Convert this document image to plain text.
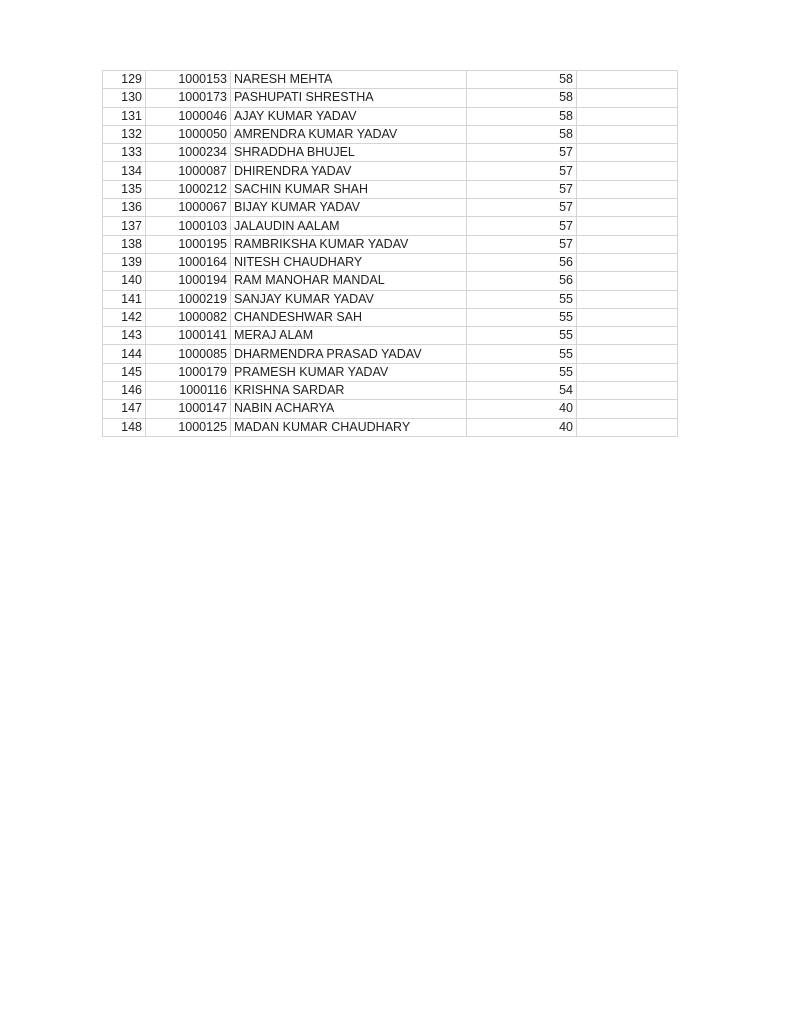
129	1000153	NARESH MEHTA	58	
130	1000173	PASHUPATI SHRESTHA	58	
131	1000046	AJAY KUMAR YADAV	58	
132	1000050	AMRENDRA KUMAR YADAV	58	
133	1000234	SHRADDHA BHUJEL	57	
134	1000087	DHIRENDRA YADAV	57	
135	1000212	SACHIN KUMAR SHAH	57	
136	1000067	BIJAY KUMAR YADAV	57	
137	1000103	JALAUDIN AALAM	57	
138	1000195	RAMBRIKSHA KUMAR YADAV	57	
139	1000164	NITESH CHAUDHARY	56	
140	1000194	RAM MANOHAR MANDAL	56	
141	1000219	SANJAY KUMAR YADAV	55	
142	1000082	CHANDESHWAR SAH	55	
143	1000141	MERAJ ALAM	55	
144	1000085	DHARMENDRA PRASAD YADAV	55	
145	1000179	PRAMESH KUMAR YADAV	55	
146	1000116	KRISHNA SARDAR	54	
147	1000147	NABIN ACHARYA	40	
148	1000125	MADAN KUMAR CHAUDHARY	40	
